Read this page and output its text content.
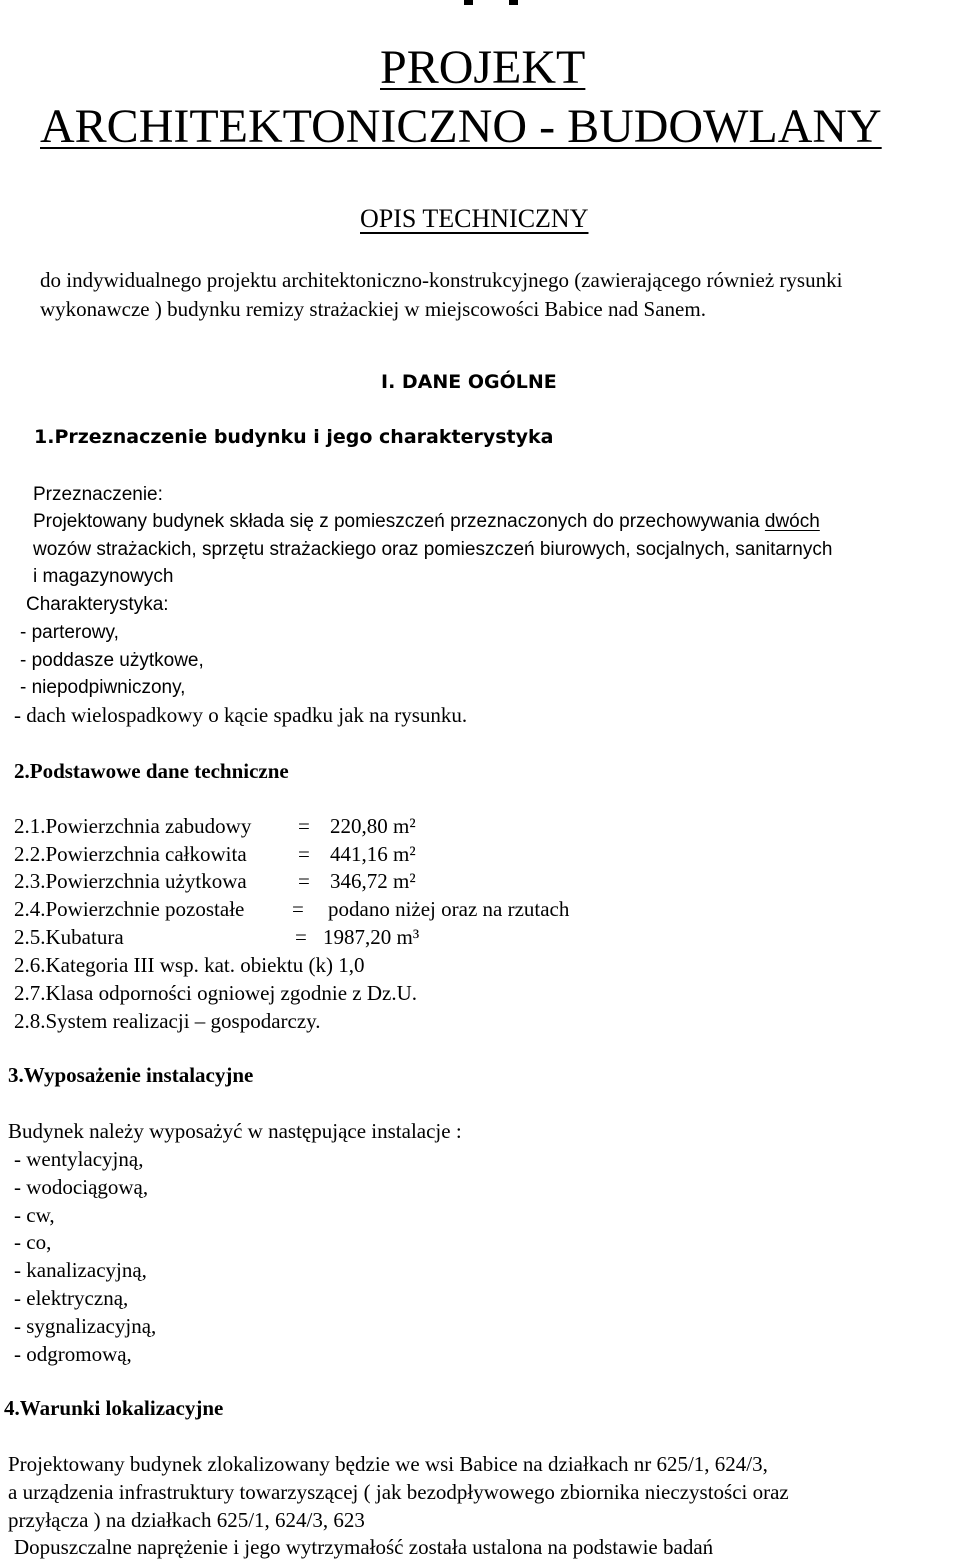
PROJEKT
ARCHITEKTONICZNO - BUDOWLANY
OPIS TECHNICZNY
do indywidualnego projektu architektoniczno-konstrukcyjnego (zawierającego również rysunki
wykonawcze ) budynku remizy strażackiej w miejscowości Babice nad Sanem.
I. DANE OGÓLNE
1.Przeznaczenie budynku i jego charakterystyka
Przeznaczenie:
Projektowany budynek składa się z pomieszczeń przeznaczonych do przechowywania dwóch
wozów strażackich, sprzętu strażackiego oraz pomieszczeń biurowych, socjalnych, sanitarnych
i magazynowych
Charakterystyka:
- parterowy,
- poddasze użytkowe,
- niepodpiwniczony,
- dach wielospadkowy o kącie spadku jak na rysunku.
2.Podstawowe dane techniczne
2.1.Powierzchnia zabudowy = 220,80 m²
2.2.Powierzchnia całkowita = 441,16 m²
2.3.Powierzchnia użytkowa = 346,72 m²
2.4.Powierzchnie pozostałe = podano niżej oraz na rzutach
2.5.Kubatura	= 1987,20 m³
2.6.Kategoria III wsp. kat. obiektu (k) 1,0
2.7.Klasa odporności ogniowej zgodnie z Dz.U.
2.8.System realizacji – gospodarczy.
3.Wyposażenie instalacyjne
Budynek należy wyposażyć w następujące instalacje :
- wentylacyjną,
- wodociągową,
- cw,
- co,
- kanalizacyjną,
- elektryczną,
- sygnalizacyjną,
- odgromową,
4.Warunki lokalizacyjne
Projektowany budynek zlokalizowany będzie we wsi Babice na działkach nr 625/1, 624/3,
a urządzenia infrastruktury towarzyszącej ( jak bezodpływowego zbiornika nieczystości oraz
przyłącza ) na działkach 625/1, 624/3, 623
Dopuszczalne naprężenie i jego wytrzymałość została ustalona na podstawie badań
